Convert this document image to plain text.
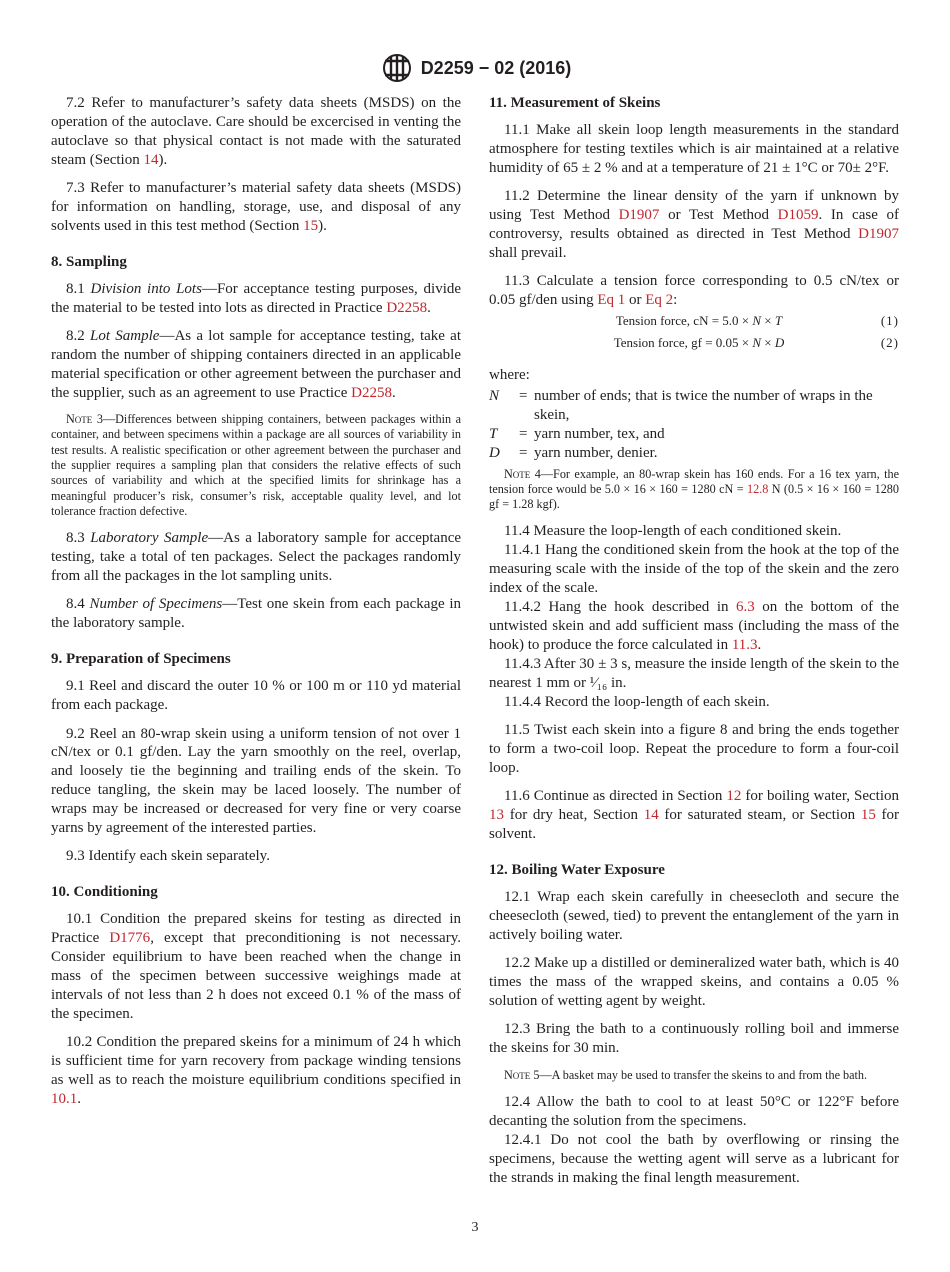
D2259 − 02 (2016)

7.2 Refer to manufacturer’s safety data sheets (MSDS) on the operation of the autoclave. Care should be excercised in venting the autoclave so that physical contact is not made with the saturated steam (Section 14).

7.3 Refer to manufacturer’s material safety data sheets (MSDS) for information on handling, storage, use, and disposal of any solvents used in this test method (Section 15).

8. Sampling

8.1 Division into Lots—For acceptance testing purposes, divide the material to be tested into lots as directed in Practice D2258.

8.2 Lot Sample—As a lot sample for acceptance testing, take at random the number of shipping containers directed in an applicable material specification or other agreement between the purchaser and the supplier, such as an agreement to use Practice D2258.

Note 3—Differences between shipping containers, between packages within a container, and between specimens within a package are all sources of variability in test results. A realistic specification or other agreement between the purchaser and the supplier requires a sampling plan that considers the relative effects of such sources of variability and which at the specified limits for shrinkage has a meaningful producer’s risk, consumer’s risk, acceptable quality level, and lot tolerance fraction defective.

8.3 Laboratory Sample—As a laboratory sample for acceptance testing, take a total of ten packages. Select the packages randomly from all the packages in the lot sampling units.

8.4 Number of Specimens—Test one skein from each package in the laboratory sample.

9. Preparation of Specimens

9.1 Reel and discard the outer 10 % or 100 m or 110 yd material from each package.

9.2 Reel an 80-wrap skein using a uniform tension of not over 1 cN/tex or 0.1 gf/den. Lay the yarn smoothly on the reel, overlap, and loosely tie the beginning and trailing ends of the skein. To reduce tangling, the skein may be laced loosely. The number of wraps may be increased or decreased for very fine or very coarse yarns by agreement of the interested parties.

9.3 Identify each skein separately.

10. Conditioning

10.1 Condition the prepared skeins for testing as directed in Practice D1776, except that preconditioning is not necessary. Consider equilibrium to have been reached when the change in mass of the specimen between successive weighings made at intervals of not less than 2 h does not exceed 0.1 % of the mass of the specimen.

10.2 Condition the prepared skeins for a minimum of 24 h which is sufficient time for yarn recovery from package winding tensions as well as to reach the moisture equilibrium conditions specified in 10.1.

11. Measurement of Skeins

11.1 Make all skein loop length measurements in the standard atmosphere for testing textiles which is air maintained at a relative humidity of 65 ± 2 % and at a temperature of 21 ± 1°C or 70± 2°F.

11.2 Determine the linear density of the yarn if unknown by using Test Method D1907 or Test Method D1059. In case of controversy, results obtained as directed in Test Method D1907 shall prevail.

11.3 Calculate a tension force corresponding to 0.5 cN/tex or 0.05 gf/den using Eq 1 or Eq 2:

Tension force, cN = 5.0 × N × T	(1)
Tension force, gf = 0.05 × N × D	(2)
where:
N	= number of ends; that is twice the number of wraps in the skein,
T	= yarn number, tex, and
D	= yarn number, denier.

Note 4—For example, an 80-wrap skein has 160 ends. For a 16 tex yarn, the tension force would be 5.0 × 16 × 160 = 1280 cN = 12.8 N (0.5 × 16 × 160 = 1280 gf = 1.28 kgf).

11.4 Measure the loop-length of each conditioned skein.

11.4.1 Hang the conditioned skein from the hook at the top of the measuring scale with the inside of the top of the skein and the zero index of the scale.

11.4.2 Hang the hook described in 6.3 on the bottom of the untwisted skein and add sufficient mass (including the mass of the hook) to produce the force calculated in 11.3.

11.4.3 After 30 ± 3 s, measure the inside length of the skein to the nearest 1 mm or ¹⁄₁₆ in.

11.4.4 Record the loop-length of each skein.

11.5 Twist each skein into a figure 8 and bring the ends together to form a two-coil loop. Repeat the procedure to form a four-coil loop.

11.6 Continue as directed in Section 12 for boiling water, Section 13 for dry heat, Section 14 for saturated steam, or Section 15 for solvent.

12. Boiling Water Exposure

12.1 Wrap each skein carefully in cheesecloth and secure the cheesecloth (sewed, tied) to prevent the entanglement of the yarn in actively boiling water.

12.2 Make up a distilled or demineralized water bath, which is 40 times the mass of the wrapped skeins, and contains a 0.05 % solution of wetting agent by weight.

12.3 Bring the bath to a continuously rolling boil and immerse the skeins for 30 min.

Note 5—A basket may be used to transfer the skeins to and from the bath.

12.4 Allow the bath to cool to at least 50°C or 122°F before decanting the solution from the specimens.

12.4.1 Do not cool the bath by overflowing or rinsing the specimens, because the wetting agent will serve as a lubricant for the strands in making the final length measurement.

3
